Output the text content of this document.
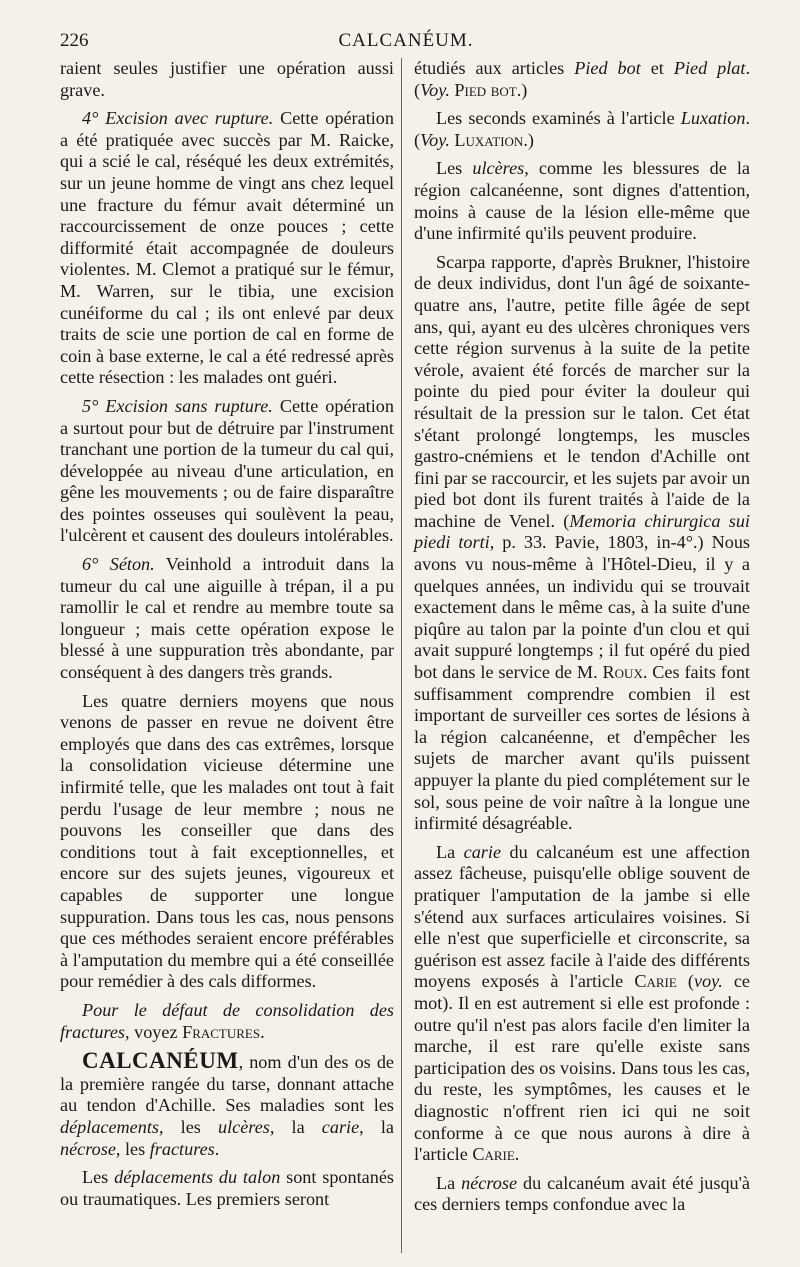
226	CALCANÉUM.

raient seules justifier une opération aussi grave.

4° Excision avec rupture. Cette opération a été pratiquée avec succès par M. Raicke, qui a scié le cal, réséqué les deux extrémités, sur un jeune homme de vingt ans chez lequel une fracture du fémur avait déterminé un raccourcissement de onze pouces ; cette difformité était accompagnée de douleurs violentes. M. Clemot a pratiqué sur le fémur, M. Warren, sur le tibia, une excision cunéiforme du cal ; ils ont enlevé par deux traits de scie une portion de cal en forme de coin à base externe, le cal a été redressé après cette résection : les malades ont guéri.

5° Excision sans rupture. Cette opération a surtout pour but de détruire par l'instrument tranchant une portion de la tumeur du cal qui, développée au niveau d'une articulation, en gêne les mouvements ; ou de faire disparaître des pointes osseuses qui soulèvent la peau, l'ulcèrent et causent des douleurs intolérables.

6° Séton. Veinhold a introduit dans la tumeur du cal une aiguille à trépan, il a pu ramollir le cal et rendre au membre toute sa longueur ; mais cette opération expose le blessé à une suppuration très abondante, par conséquent à des dangers très grands.

Les quatre derniers moyens que nous venons de passer en revue ne doivent être employés que dans des cas extrêmes, lorsque la consolidation vicieuse détermine une infirmité telle, que les malades ont tout à fait perdu l'usage de leur membre ; nous ne pouvons les conseiller que dans des conditions tout à fait exceptionnelles, et encore sur des sujets jeunes, vigoureux et capables de supporter une longue suppuration. Dans tous les cas, nous pensons que ces méthodes seraient encore préférables à l'amputation du membre qui a été conseillée pour remédier à des cals difformes.

Pour le défaut de consolidation des fractures, voyez Fractures.

CALCANÉUM, nom d'un des os de la première rangée du tarse, donnant attache au tendon d'Achille. Ses maladies sont les déplacements, les ulcères, la carie, la nécrose, les fractures.

Les déplacements du talon sont spontanés ou traumatiques. Les premiers seront

étudiés aux articles Pied bot et Pied plat. (Voy. Pied bot.)

Les seconds examinés à l'article Luxation. (Voy. Luxation.)

Les ulcères, comme les blessures de la région calcanéenne, sont dignes d'attention, moins à cause de la lésion elle-même que d'une infirmité qu'ils peuvent produire.

Scarpa rapporte, d'après Brukner, l'histoire de deux individus, dont l'un âgé de soixante-quatre ans, l'autre, petite fille âgée de sept ans, qui, ayant eu des ulcères chroniques vers cette région survenus à la suite de la petite vérole, avaient été forcés de marcher sur la pointe du pied pour éviter la douleur qui résultait de la pression sur le talon. Cet état s'étant prolongé longtemps, les muscles gastro-cnémiens et le tendon d'Achille ont fini par se raccourcir, et les sujets par avoir un pied bot dont ils furent traités à l'aide de la machine de Venel. (Memoria chirurgica sui piedi torti, p. 33. Pavie, 1803, in-4°.) Nous avons vu nous-même à l'Hôtel-Dieu, il y a quelques années, un individu qui se trouvait exactement dans le même cas, à la suite d'une piqûre au talon par la pointe d'un clou et qui avait suppuré longtemps ; il fut opéré du pied bot dans le service de M. Roux. Ces faits font suffisamment comprendre combien il est important de surveiller ces sortes de lésions à la région calcanéenne, et d'empêcher les sujets de marcher avant qu'ils puissent appuyer la plante du pied complétement sur le sol, sous peine de voir naître à la longue une infirmité désagréable.

La carie du calcanéum est une affection assez fâcheuse, puisqu'elle oblige souvent de pratiquer l'amputation de la jambe si elle s'étend aux surfaces articulaires voisines. Si elle n'est que superficielle et circonscrite, sa guérison est assez facile à l'aide des différents moyens exposés à l'article Carie (voy. ce mot). Il en est autrement si elle est profonde : outre qu'il n'est pas alors facile d'en limiter la marche, il est rare qu'elle existe sans participation des os voisins. Dans tous les cas, du reste, les symptômes, les causes et le diagnostic n'offrent rien ici qui ne soit conforme à ce que nous aurons à dire à l'article Carie.

La nécrose du calcanéum avait été jusqu'à ces derniers temps confondue avec la
